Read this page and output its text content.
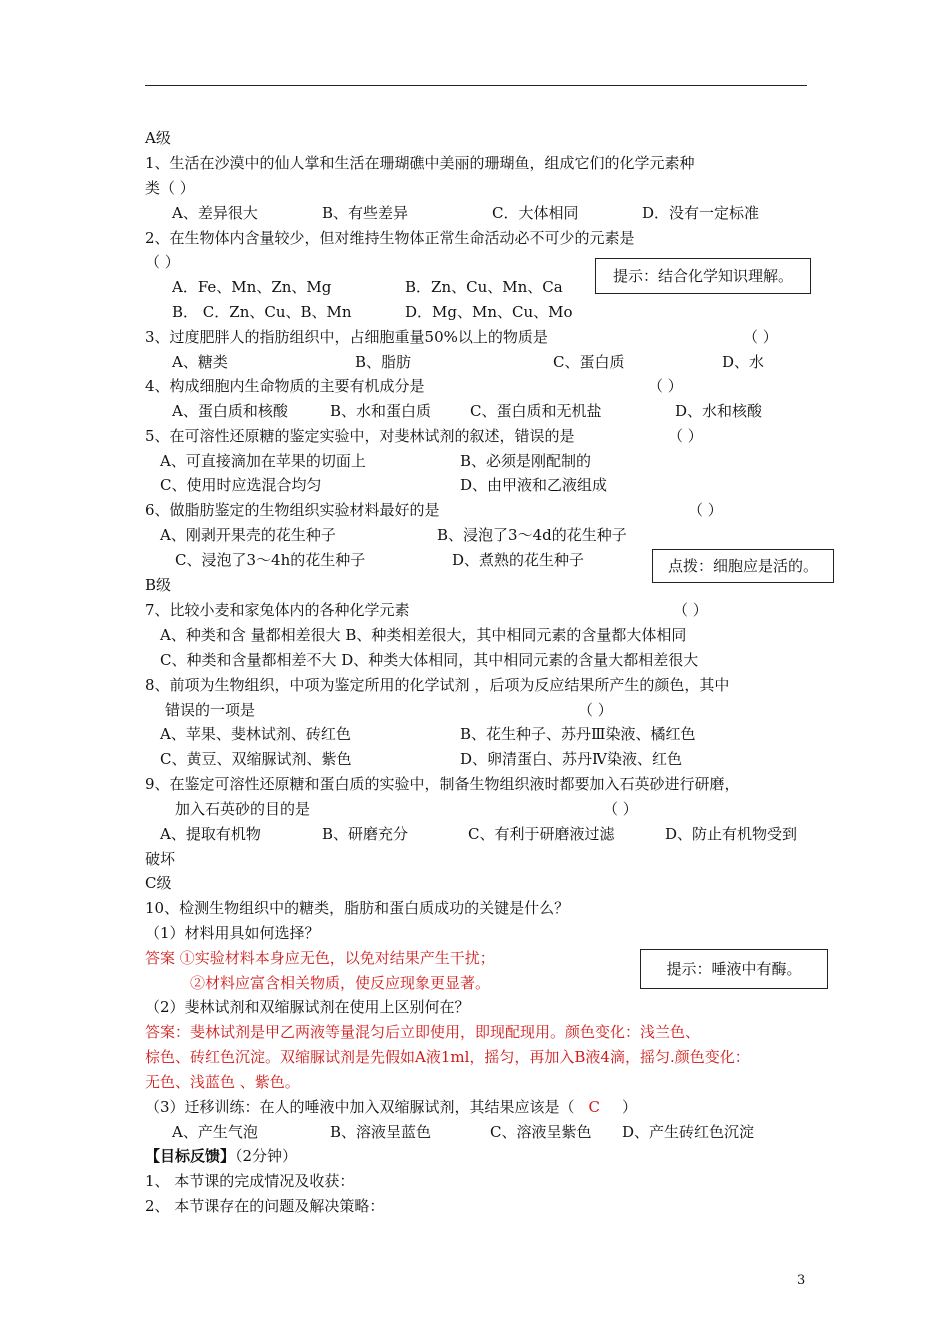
A级
1、生活在沙漠中的仙人掌和生活在珊瑚礁中美丽的珊瑚鱼，组成它们的化学元素种
类（ ）
A、差异很大	B、有些差异	C．大体相同	D．没有一定标准
2、在生物体内含量较少，但对维持生物体正常生命活动必不可少的元素是
（ ）
A．Fe、Mn、Zn、Mg	B．Zn、Cu、Mn、Ca
B． C．Zn、Cu、B、Mn	D．Mg、Mn、Cu、Mo
提示：结合化学知识理解。
3、过度肥胖人的指肪组织中，占细胞重量50%以上的物质是	（ ）
A、糖类	B、脂肪	C、蛋白质	D、水
4、构成细胞内生命物质的主要有机成分是	（ ）
A、蛋白质和核酸	B、水和蛋白质	C、蛋白质和无机盐	D、水和核酸
5、在可溶性还原糖的鉴定实验中，对斐林试剂的叙述，错误的是	（ ）
A、可直接滴加在苹果的切面上	B、必须是刚配制的
C、使用时应选混合均匀	D、由甲液和乙液组成
6、做脂肪鉴定的生物组织实验材料最好的是	（ ）
A、刚剥开果壳的花生种子	B、浸泡了3～4d的花生种子
C、浸泡了3～4h的花生种子	D、煮熟的花生种子	点拨：细胞应是活的。
B级
7、比较小麦和家兔体内的各种化学元素	（ ）
A、种类和含 量都相差很大 B、种类相差很大，其中相同元素的含量都大体相同
C、种类和含量都相差不大 D、种类大体相同，其中相同元素的含量大都相差很大
8、前项为生物组织，中项为鉴定所用的化学试剂 ，后项为反应结果所产生的颜色，其中
错误的一项是	（ ）
A、苹果、斐林试剂、砖红色	B、花生种子、苏丹Ⅲ染液、橘红色
C、黄豆、双缩脲试剂、紫色	D、卵清蛋白、苏丹Ⅳ染液、红色
9、在鉴定可溶性还原糖和蛋白质的实验中，制备生物组织液时都要加入石英砂进行研磨，
加入石英砂的目的是	（ ）
A、提取有机物	B、研磨充分	C、有利于研磨液过滤	D、防止有机物受到
破坏
C级
10、检测生物组织中的糖类，脂肪和蛋白质成功的关键是什么？
（1）材料用具如何选择？
答案 ①实验材料本身应无色，以免对结果产生干扰；
②材料应富含相关物质，使反应现象更显著。
提示：唾液中有酶。
（2）斐林试剂和双缩脲试剂在使用上区别何在？
答案：斐林试剂是甲乙两液等量混匀后立即使用，即现配现用。颜色变化：浅兰色、
棕色、砖红色沉淀。双缩脲试剂是先假如A液1ml，摇匀，再加入B液4滴，摇匀.颜色变化：
无色、浅蓝色 、紫色。
（3）迁移训练：在人的唾液中加入双缩脲试剂，其结果应该是（ C ）
A、产生气泡	B、溶液呈蓝色	C、溶液呈紫色 D、产生砖红色沉淀
【目标反馈】（2分钟）
1、 本节课的完成情况及收获：
2、 本节课存在的问题及解决策略：
3
